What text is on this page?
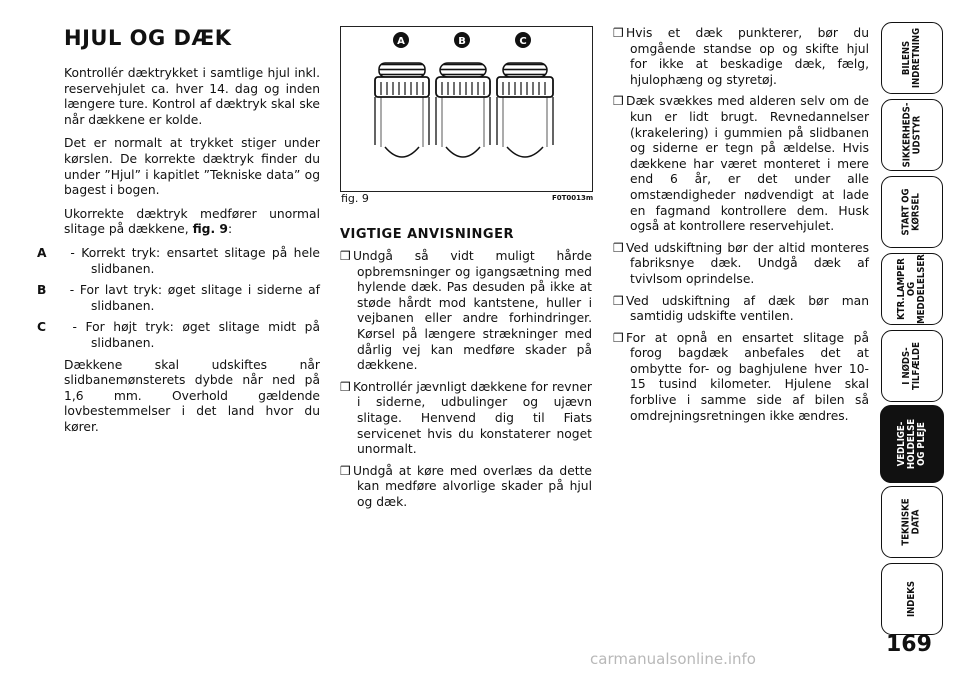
HJUL OG DÆK

Kontrollér dæktrykket i samtlige hjul inkl. reservehjulet ca. hver 14. dag og inden længere ture. Kontrol af dæktryk skal ske når dækkene er kolde.

Det er normalt at trykket stiger under kørslen. De korrekte dæktryk finder du under ”Hjul” i kapitlet ”Tekniske data” og bagest i bogen.

Ukorrekte dæktryk medfører unormal slitage på dækkene, fig. 9:

A - Korrekt tryk: ensartet slitage på hele slidbanen.

B - For lavt tryk: øget slitage i siderne af slidbanen.

C - For højt tryk: øget slitage midt på slidbanen.

Dækkene skal udskiftes når slidbanemønsterets dybde når ned på 1,6 mm. Overhold gældende lovbestemmelser i det land hvor du kører.

A	B	C
fig. 9	F0T0013m
VIGTIGE ANVISNINGER

❒ Undgå så vidt muligt hårde opbremsninger og igangsætning med hylende dæk. Pas desuden på ikke at støde hårdt mod kantstene, huller i vejbanen eller andre forhindringer. Kørsel på længere strækninger med dårlig vej kan medføre skader på dækkene.

❒ Kontrollér jævnligt dækkene for revner i siderne, udbulinger og ujævn slitage. Henvend dig til Fiats servicenet hvis du konstaterer noget unormalt.

❒ Undgå at køre med overlæs da dette kan medføre alvorlige skader på hjul og dæk.

❒ Hvis et dæk punkterer, bør du omgående standse op og skifte hjul for ikke at beskadige dæk, fælg, hjulophæng og styretøj.

❒ Dæk svækkes med alderen selv om de kun er lidt brugt. Revnedannelser (krakelering) i gummien på slidbanen og siderne er tegn på ældelse. Hvis dækkene har været monteret i mere end 6 år, er det under alle omstændigheder nødvendigt at lade en fagmand kontrollere dem. Husk også at kontrollere reservehjulet.

❒ Ved udskiftning bør der altid monteres fabriksnye dæk. Undgå dæk af tvivlsom oprindelse.

❒ Ved udskiftning af dæk bør man samtidig udskifte ventilen.

❒ For at opnå en ensartet slitage på forog bagdæk anbefales det at ombytte for- og baghjulene hver 10-15 tusind kilometer. Hjulene skal forblive i samme side af bilen så omdrejningsretningen ikke ændres.

BILENS
INDRETNING
SIKKERHEDS-
UDSTYR
START OG
KØRSEL
KTR.LAMPER
OG
MEDDELELSER
I NØDS-
TILFÆLDE
VEDLIGE-
HOLDELSE
OG PLEJE
TEKNISKE
DATA
INDEKS
169
carmanualsonline.info
